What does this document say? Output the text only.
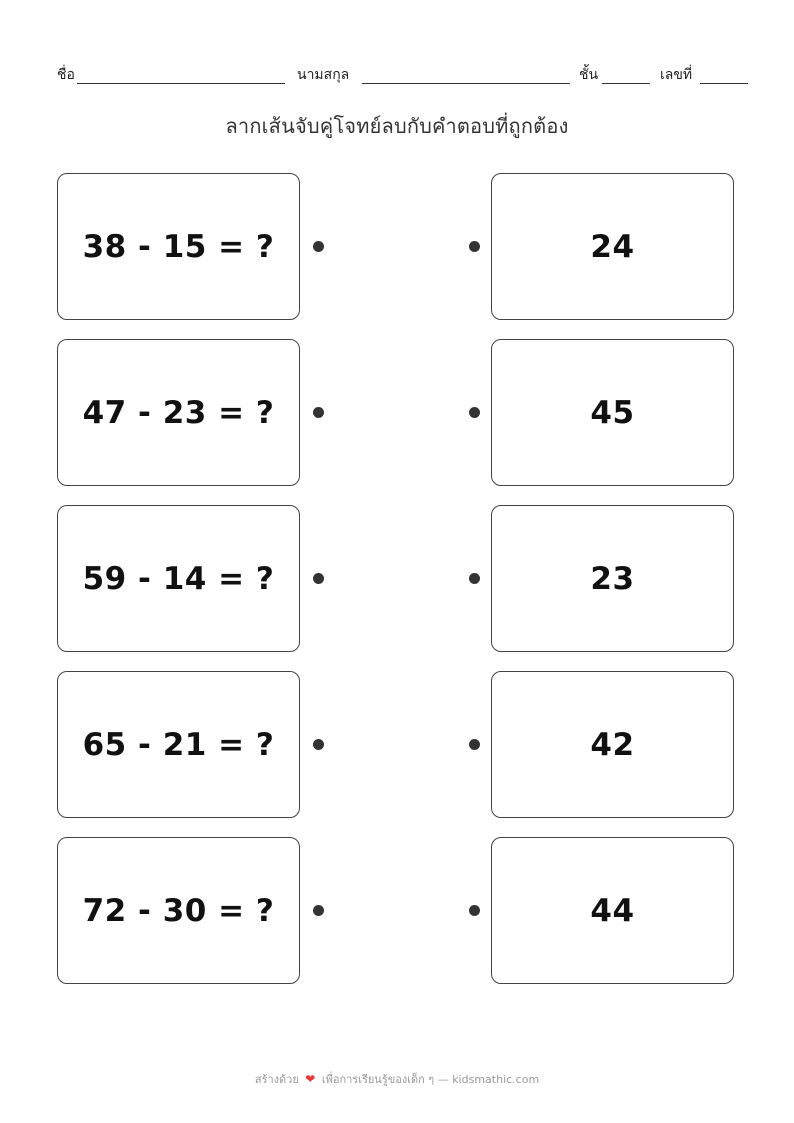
ชื่อ	นามสกุล	ชั้น	เลขที่
ลากเส้นจับคู่โจทย์ลบกับคำตอบที่ถูกต้อง
38 - 15 = ?	24
47 - 23 = ?	45
59 - 14 = ?	23
65 - 21 = ?	42
72 - 30 = ?	44
สร้างด้วย ❤ เพื่อการเรียนรู้ของเด็ก ๆ — kidsmathic.com
